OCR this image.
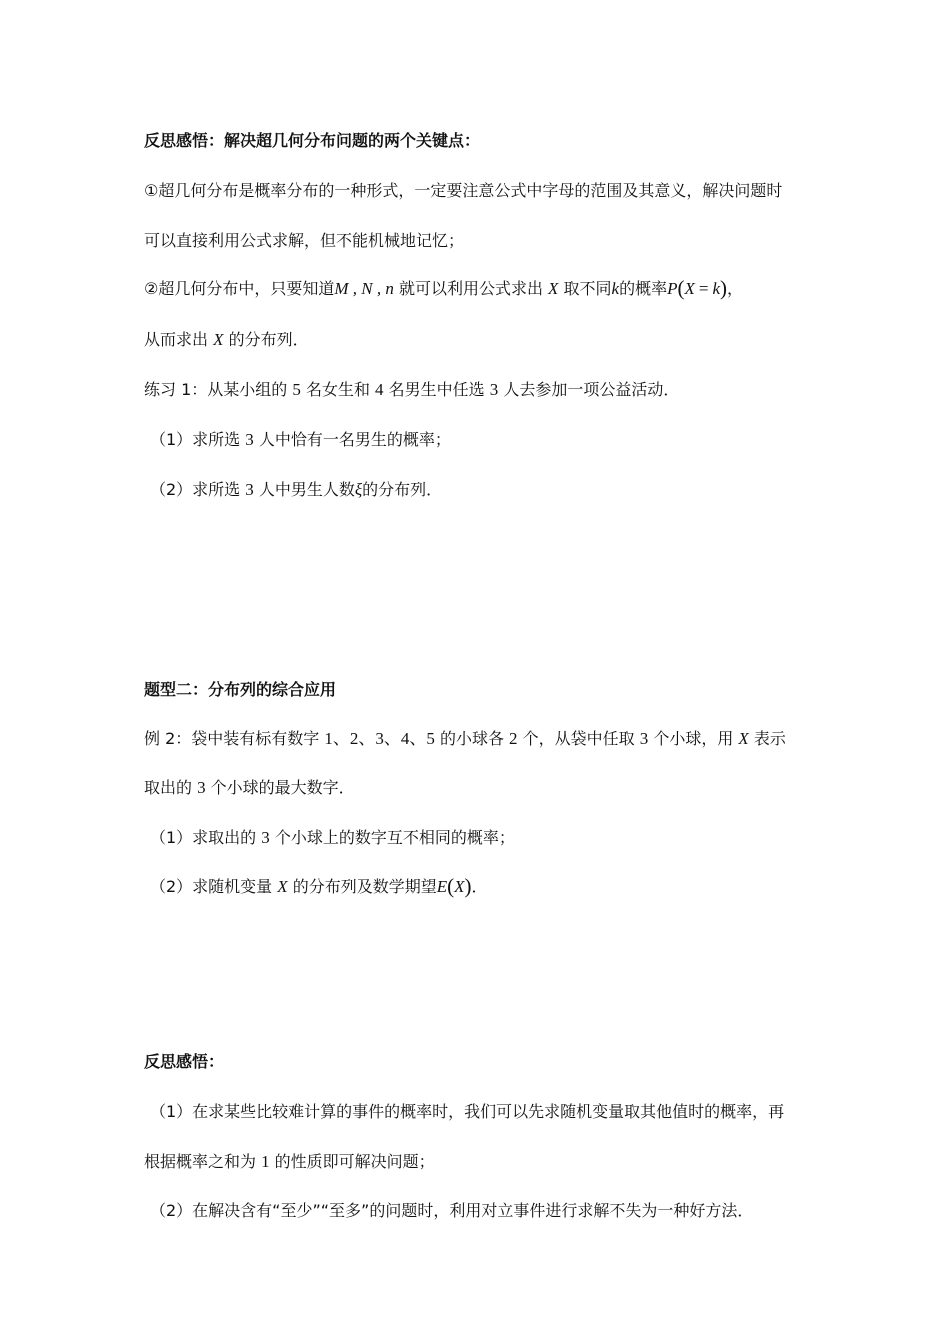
反思感悟：解决超几何分布问题的两个关键点：
①超几何分布是概率分布的一种形式，一定要注意公式中字母的范围及其意义，解决问题时
可以直接利用公式求解，但不能机械地记忆；
②超几何分布中，只要知道M , N , n 就可以利用公式求出 X 取不同k的概率P(X = k)，
从而求出 X 的分布列．
练习 1：从某小组的 5 名女生和 4 名男生中任选 3 人去参加一项公益活动．
（1）求所选 3 人中恰有一名男生的概率；
（2）求所选 3 人中男生人数ξ的分布列．
题型二：分布列的综合应用
例 2：袋中装有标有数字 1、2、3、4、5 的小球各 2 个，从袋中任取 3 个小球，用 X 表示
取出的 3 个小球的最大数字．
（1）求取出的 3 个小球上的数字互不相同的概率；
（2）求随机变量 X 的分布列及数学期望E(X)．
反思感悟：
（1）在求某些比较难计算的事件的概率时，我们可以先求随机变量取其他值时的概率，再
根据概率之和为 1 的性质即可解决问题；
（2）在解决含有“至少”“至多”的问题时，利用对立事件进行求解不失为一种好方法．
